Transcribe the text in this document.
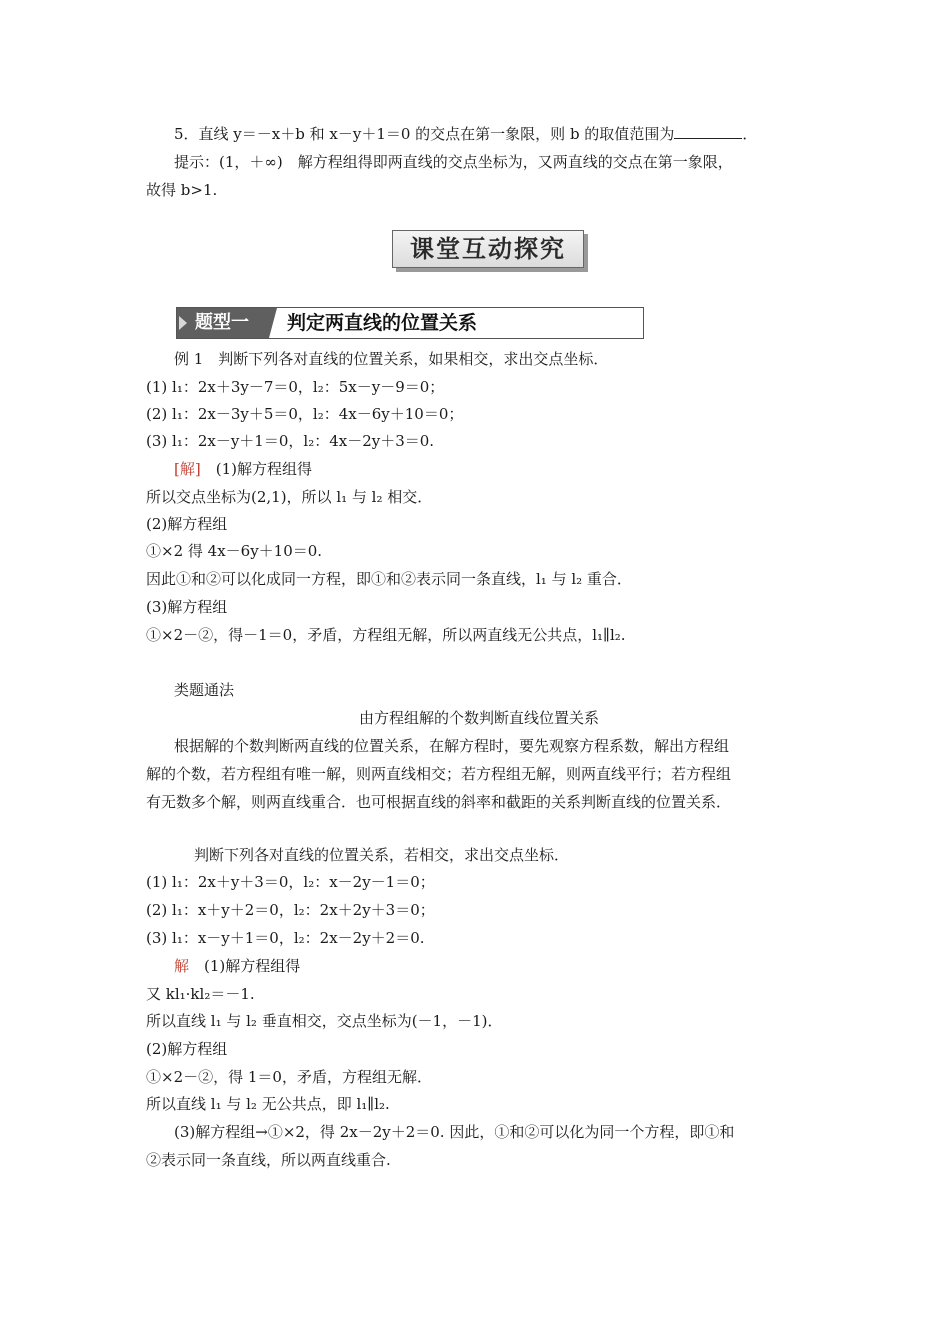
5．直线 y＝－x＋b 和 x－y＋1＝0 的交点在第一象限，则 b 的取值范围为	．
提示：(1，＋∞)　解方程组得即两直线的交点坐标为，又两直线的交点在第一象限，
故得 b>1.
课堂互动探究
题型一 判定两直线的位置关系
例 1　判断下列各对直线的位置关系，如果相交，求出交点坐标．
(1) l₁：2x＋3y－7＝0，l₂：5x－y－9＝0；
(2) l₁：2x－3y＋5＝0，l₂：4x－6y＋10＝0；
(3) l₁：2x－y＋1＝0，l₂：4x－2y＋3＝0.
[解]　(1)解方程组得
所以交点坐标为(2,1)，所以 l₁ 与 l₂ 相交．
(2)解方程组
①×2 得 4x－6y＋10＝0.
因此①和②可以化成同一方程，即①和②表示同一条直线，l₁ 与 l₂ 重合．
(3)解方程组
①×2－②，得－1＝0，矛盾，方程组无解，所以两直线无公共点，l₁∥l₂.
类题通法
由方程组解的个数判断直线位置关系
根据解的个数判断两直线的位置关系，在解方程时，要先观察方程系数，解出方程组
解的个数，若方程组有唯一解，则两直线相交；若方程组无解，则两直线平行；若方程组
有无数多个解，则两直线重合．也可根据直线的斜率和截距的关系判断直线的位置关系．
判断下列各对直线的位置关系，若相交，求出交点坐标．
(1) l₁：2x＋y＋3＝0，l₂：x－2y－1＝0；
(2) l₁：x＋y＋2＝0，l₂：2x＋2y＋3＝0；
(3) l₁：x－y＋1＝0，l₂：2x－2y＋2＝0.
解　(1)解方程组得
又 kl₁·kl₂＝－1.
所以直线 l₁ 与 l₂ 垂直相交，交点坐标为(－1，－1)．
(2)解方程组
①×2－②，得 1＝0，矛盾，方程组无解．
所以直线 l₁ 与 l₂ 无公共点，即 l₁∥l₂.
(3)解方程组→①×2，得 2x－2y＋2＝0. 因此，①和②可以化为同一个方程，即①和
②表示同一条直线，所以两直线重合.
